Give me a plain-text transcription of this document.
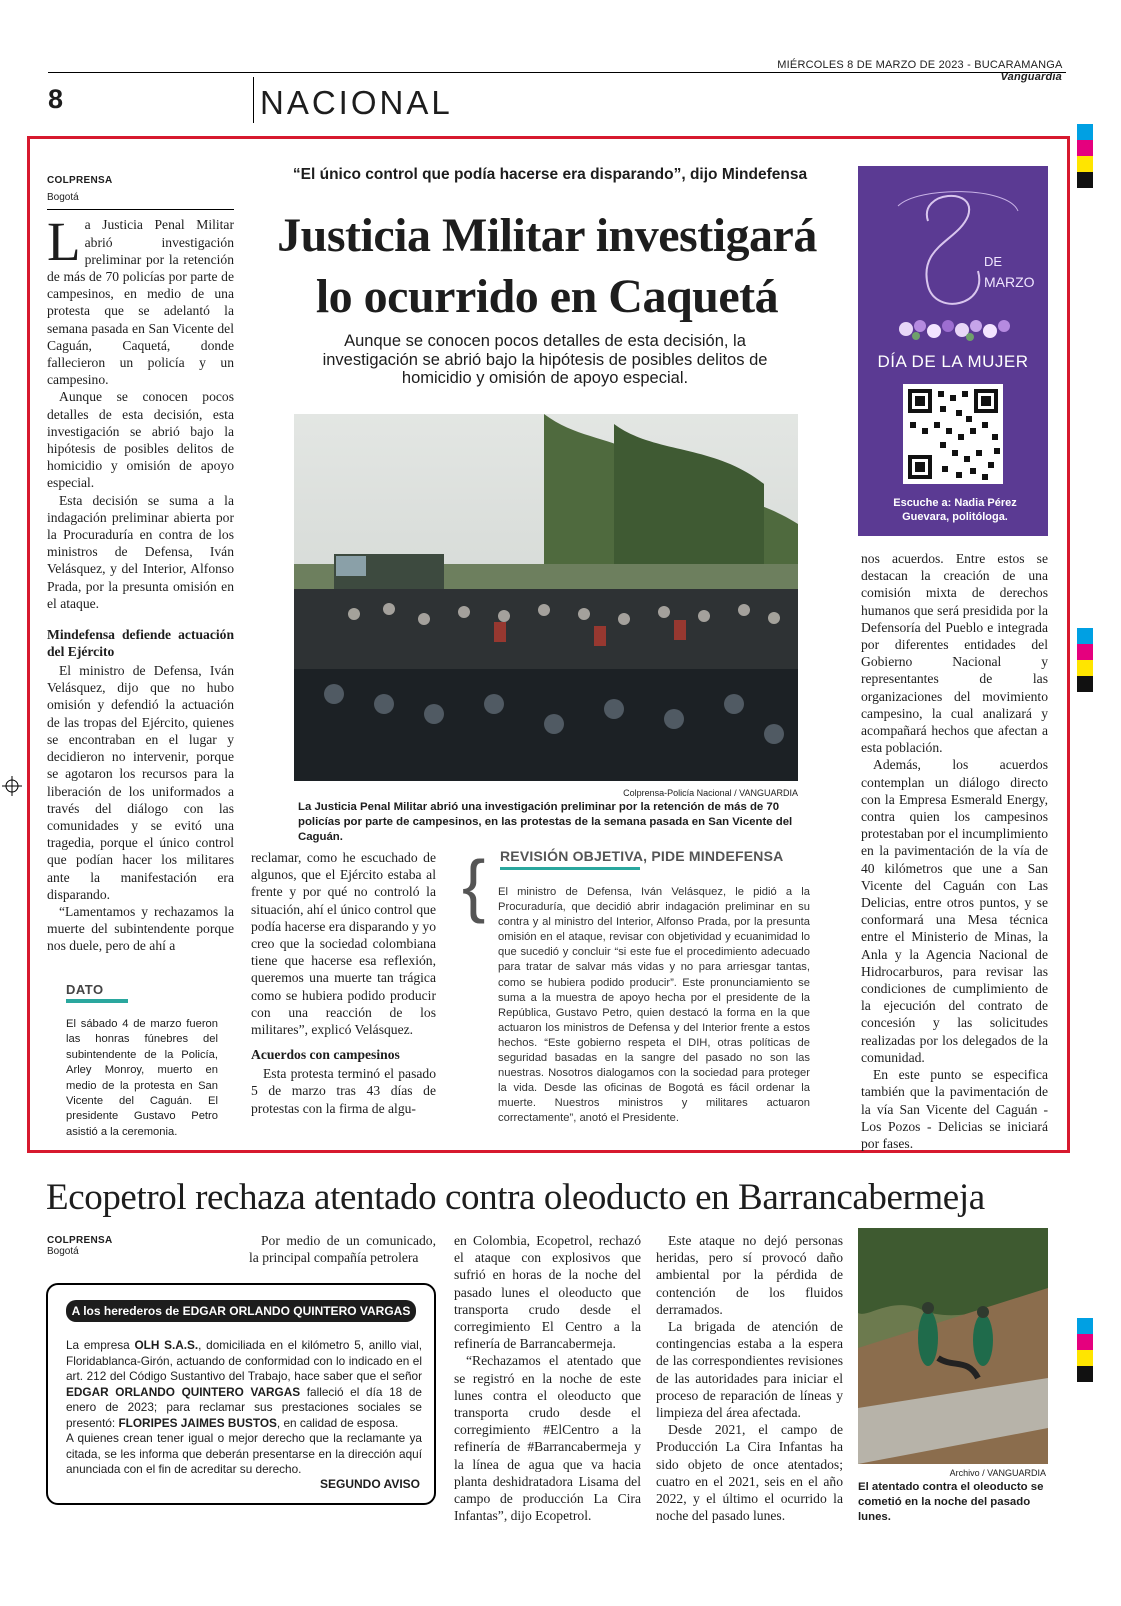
MIÉRCOLES 8 DE MARZO DE 2023 - BUCARAMANGA Vanguardia
8	NACIONAL
COLPRENSA
Bogotá

La Justicia Penal Militar abrió investigación preliminar por la retención de más de 70 policías por parte de campesinos, en medio de una protesta que se adelantó la semana pasada en San Vicente del Caguán, Caquetá, donde fallecieron un policía y un campesino.

Aunque se conocen pocos detalles de esta decisión, esta investigación se abrió bajo la hipótesis de posibles delitos de homicidio y omisión de apoyo especial.

Esta decisión se suma a la indagación preliminar abierta por la Procuraduría en contra de los ministros de Defensa, Iván Velásquez, y del Interior, Alfonso Prada, por la presunta omisión en el ataque.

Mindefensa defiende actuación del Ejército

El ministro de Defensa, Iván Velásquez, dijo que no hubo omisión y defendió la actuación de las tropas del Ejército, quienes se encontraban en el lugar y decidieron no intervenir, porque se agotaron los recursos para la liberación de los uniformados a través del diálogo con las comunidades y se evitó una tragedia, porque el único control que podían hacer los militares ante la manifestación era disparando.

“Lamentamos y rechazamos la muerte del subintendente porque nos duele, pero de ahí a

DATO
El sábado 4 de marzo fueron las honras fúnebres del subintendente de la Policía, Arley Monroy, muerto en medio de la protesta en San Vicente del Caguán. El presidente Gustavo Petro asistió a la ceremonia.
“El único control que podía hacerse era disparando”, dijo Mindefensa
Justicia Militar investigará
lo ocurrido en Caquetá
Aunque se conocen pocos detalles de esta decisión, la investigación se abrió bajo la hipótesis de posibles delitos de homicidio y omisión de apoyo especial.
Colprensa-Policía Nacional / VANGUARDIA
La Justicia Penal Militar abrió una investigación preliminar por la retención de más de 70 policías por parte de campesinos, en las protestas de la semana pasada en San Vicente del Caguán.

reclamar, como he escuchado de algunos, que el Ejército estaba al frente y por qué no controló la situación, ahí el único control que podía hacerse era disparando y yo creo que la sociedad colombiana tiene que hacerse esa reflexión, queremos una muerte tan trágica como se hubiera podido producir con una reacción de los militares”, explicó Velásquez.

Acuerdos con campesinos

Esta protesta terminó el pasado 5 de marzo tras 43 días de protestas con la firma de algu-

{ REVISIÓN OBJETIVA, PIDE MINDEFENSA
El ministro de Defensa, Iván Velásquez, le pidió a la Procuraduría, que decidió abrir indagación preliminar en su contra y al ministro del Interior, Alfonso Prada, por la presunta omisión en el ataque, revisar con objetividad y ecuanimidad lo que sucedió y concluir “si este fue el procedimiento adecuado para tratar de salvar más vidas y no para arriesgar tantas, como se hubiera podido producir”. Este pronunciamiento se suma a la muestra de apoyo hecha por el presidente de la República, Gustavo Petro, quien destacó la forma en la que actuaron los ministros de Defensa y del Interior frente a estos hechos. “Este gobierno respeta el DIH, otras políticas de seguridad basadas en la sangre del pasado no son las nuestras. Nosotros dialogamos con la sociedad para proteger la vida. Desde las oficinas de Bogotá es fácil ordenar la muerte. Nuestros ministros y militares actuaron correctamente”, anotó el Presidente.
DE
MARZO
DÍA DE LA MUJER
Escuche a: Nadia Pérez Guevara, politóloga.

nos acuerdos. Entre estos se destacan la creación de una comisión mixta de derechos humanos que será presidida por la Defensoría del Pueblo e integrada por diferentes entidades del Gobierno Nacional y representantes de las organizaciones del movimiento campesino, la cual analizará y acompañará hechos que afectan a esta población.

Además, los acuerdos contemplan un diálogo directo con la Empresa Esmerald Energy, contra quien los campesinos protestaban por el incumplimiento en la pavimentación de la vía de 40 kilómetros que une a San Vicente del Caguán con Las Delicias, entre otros puntos, y se conformará una Mesa técnica entre el Ministerio de Minas, la Anla y la Agencia Nacional de Hidrocarburos, para revisar las condiciones de cumplimiento de la ejecución del contrato de concesión y las solicitudes realizadas por los delegados de la comunidad.

En este punto se especifica también que la pavimentación de la vía San Vicente del Caguán - Los Pozos - Delicias se iniciará por fases.

Ecopetrol rechaza atentado contra oleoducto en Barrancabermeja
COLPRENSA
Bogotá

Por medio de un comunicado, la principal compañía petrolera

en Colombia, Ecopetrol, rechazó el ataque con explosivos que sufrió en horas de la noche del pasado lunes el oleoducto que transporta crudo desde el corregimiento El Centro a la refinería de Barrancabermeja.

“Rechazamos el atentado que se registró en la noche de este lunes contra el oleoducto que transporta crudo desde el corregimiento #ElCentro a la refinería de #Barrancabermeja y la línea de agua que va hacia planta deshidratadora Lisama del campo de producción La Cira Infantas”, dijo Ecopetrol.

Este ataque no dejó personas heridas, pero sí provocó daño ambiental por la pérdida de contención de los fluidos derramados.

La brigada de atención de contingencias estaba a la espera de las correspondientes revisiones de las autoridades para iniciar el proceso de reparación de líneas y limpieza del área afectada.

Desde 2021, el campo de Producción La Cira Infantas ha sido objeto de once atentados; cuatro en el 2021, seis en el año 2022, y el último el ocurrido la noche del pasado lunes.

Archivo / VANGUARDIA
El atentado contra el oleoducto se cometió en la noche del pasado lunes.
A los herederos de EDGAR ORLANDO QUINTERO VARGAS
La empresa OLH S.A.S., domiciliada en el kilómetro 5, anillo vial, Floridablanca-Girón, actuando de conformidad con lo indicado en el art. 212 del Código Sustantivo del Trabajo, hace saber que el señor EDGAR ORLANDO QUINTERO VARGAS falleció el día 18 de enero de 2023; para reclamar sus prestaciones sociales se presentó: FLORIPES JAIMES BUSTOS, en calidad de esposa.
A quienes crean tener igual o mejor derecho que la reclamante ya citada, se les informa que deberán presentarse en la dirección aquí anunciada con el fin de acreditar su derecho.
SEGUNDO AVISO
